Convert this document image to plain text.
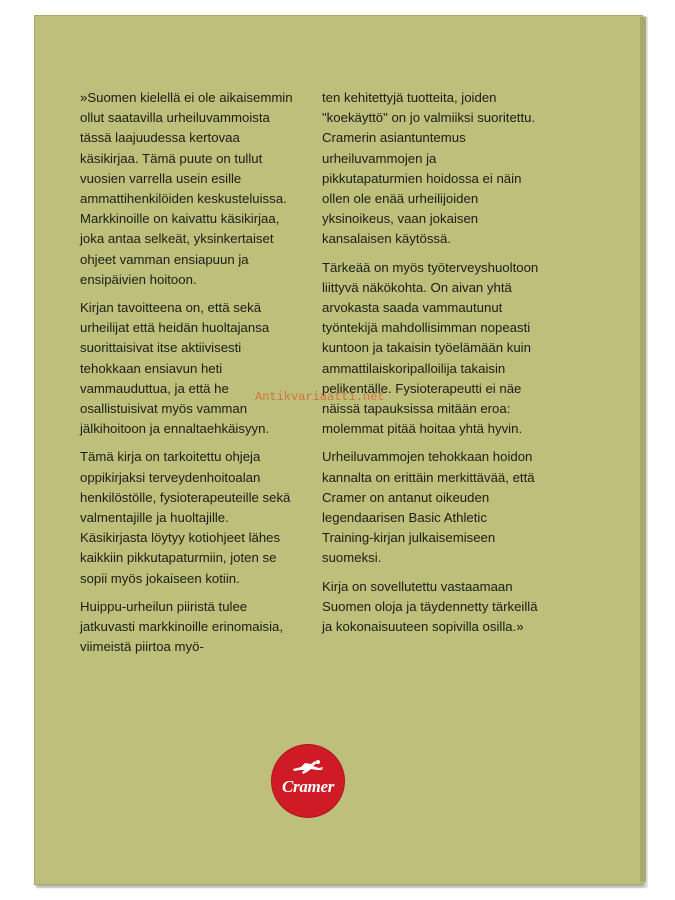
»Suomen kielellä ei ole aikaisemmin ollut saatavilla urheiluvammoista tässä laajuudessa kertovaa käsikirjaa. Tämä puute on tullut vuosien varrella usein esille ammattihenkilöiden keskusteluissa. Markkinoille on kaivattu käsikirjaa, joka antaa selkeät, yksinkertaiset ohjeet vamman ensiapuun ja ensipäivien hoitoon.

Kirjan tavoitteena on, että sekä urheilijat että heidän huoltajansa suorittaisivat itse aktiivisesti tehokkaan ensiavun heti vammauduttua, ja että he osallistuisivat myös vamman jälkihoitoon ja ennaltaehkäisyyn.

Tämä kirja on tarkoitettu ohjeja oppikirjaksi terveydenhoitoalan henkilöstölle, fysioterapeuteille sekä valmentajille ja huoltajille. Käsikirjasta löytyy kotiohjeet lähes kaikkiin pikkutapaturmiin, joten se sopii myös jokaiseen kotiin.

Huippu-urheilun piiristä tulee jatkuvasti markkinoille erinomaisia, viimeistä piirtoa myö-

ten kehitettyjä tuotteita, joiden "koekäyttö" on jo valmiiksi suoritettu. Cramerin asiantuntemus urheiluvammojen ja pikkutapaturmien hoidossa ei näin ollen ole enää urheilijoiden yksinoikeus, vaan jokaisen kansalaisen käytössä.

Tärkeää on myös työterveyshuoltoon liittyvä näkökohta. On aivan yhtä arvokasta saada vammautunut työntekijä mahdollisimman nopeasti kuntoon ja takaisin työelämään kuin ammattilaiskoripalloilija takaisin pelikentälle. Fysioterapeutti ei näe näissä tapauksissa mitään eroa: molemmat pitää hoitaa yhtä hyvin.

Urheiluvammojen tehokkaan hoidon kannalta on erittäin merkittävää, että Cramer on antanut oikeuden legendaarisen Basic Athletic Training-kirjan julkaisemiseen suomeksi.

Kirja on sovellutettu vastaamaan Suomen oloja ja täydennetty tärkeillä ja kokonaisuuteen sopivilla osilla.»

Antikvariaatti.net
Cramer
